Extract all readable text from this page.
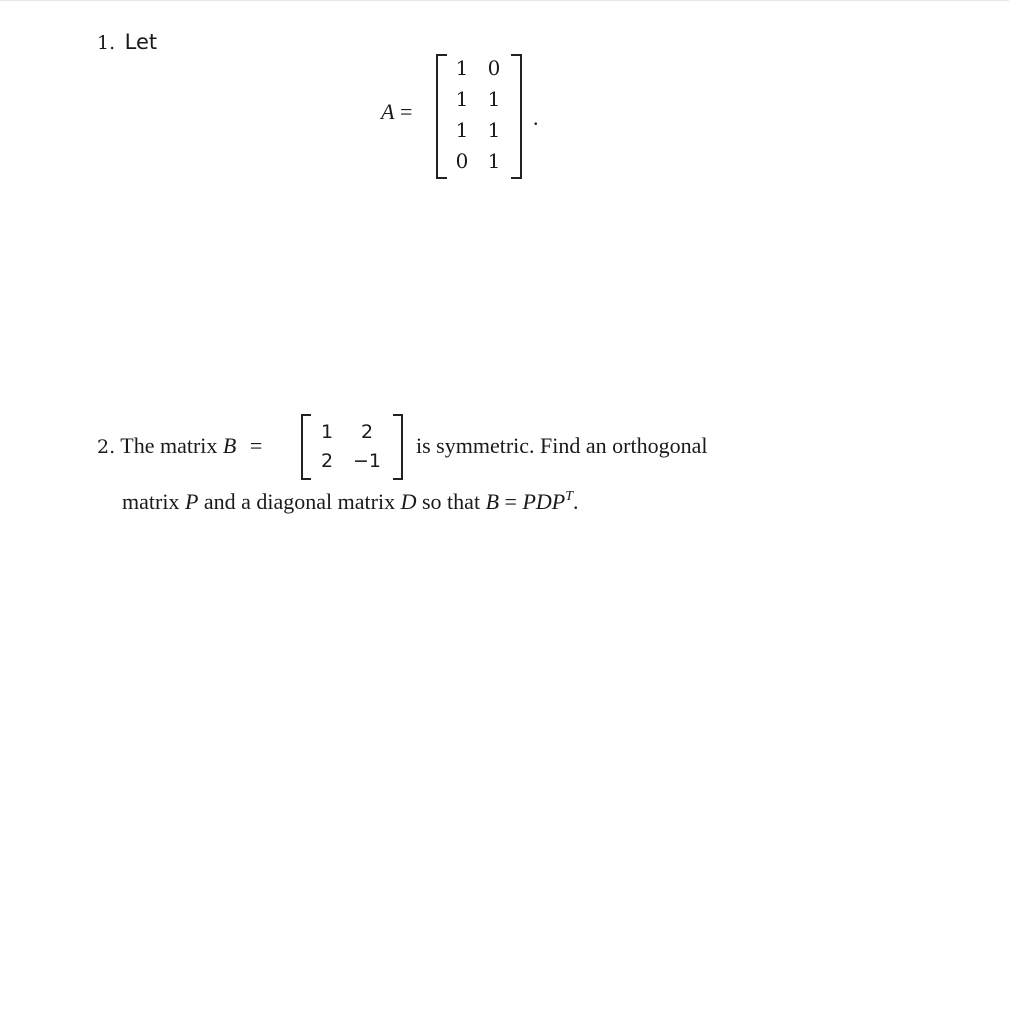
1. Let
A =
1 0
1 1
1 1
0 1
.
2. The matrix B =
1	2
2	−1
is symmetric. Find an orthogonal
matrix P and a diagonal matrix D so that $B = PDP^T$.
